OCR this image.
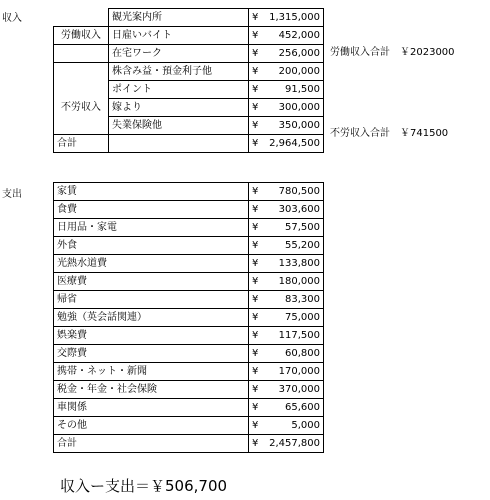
収入
		観光案内所	¥ 1,315,000

労働収入	日雇いバイト	¥ 452,000

	在宅ワーク	¥ 256,000

	株含み益・預金利子他	¥ 200,000

	ポイント	¥ 91,500

不労収入	嫁より	¥ 300,000

	失業保険他	¥ 350,000

合計		¥ 2,964,500
労働収入合計　￥2023000
不労収入合計　￥741500
支出	家賃	¥ 780,500

食費	¥ 303,600

日用品・家電	¥ 57,500

外食	¥ 55,200

光熱水道費	¥ 133,800

医療費	¥ 180,000

帰省	¥ 83,300

勉強（英会話関連）	¥ 75,000

娯楽費	¥ 117,500

交際費	¥ 60,800

携帯・ネット・新聞	¥ 170,000

税金・年金・社会保険	¥ 370,000

車関係	¥ 65,600

その他	¥ 5,000

合計	¥ 2,457,800
収入ー支出＝￥506,700
